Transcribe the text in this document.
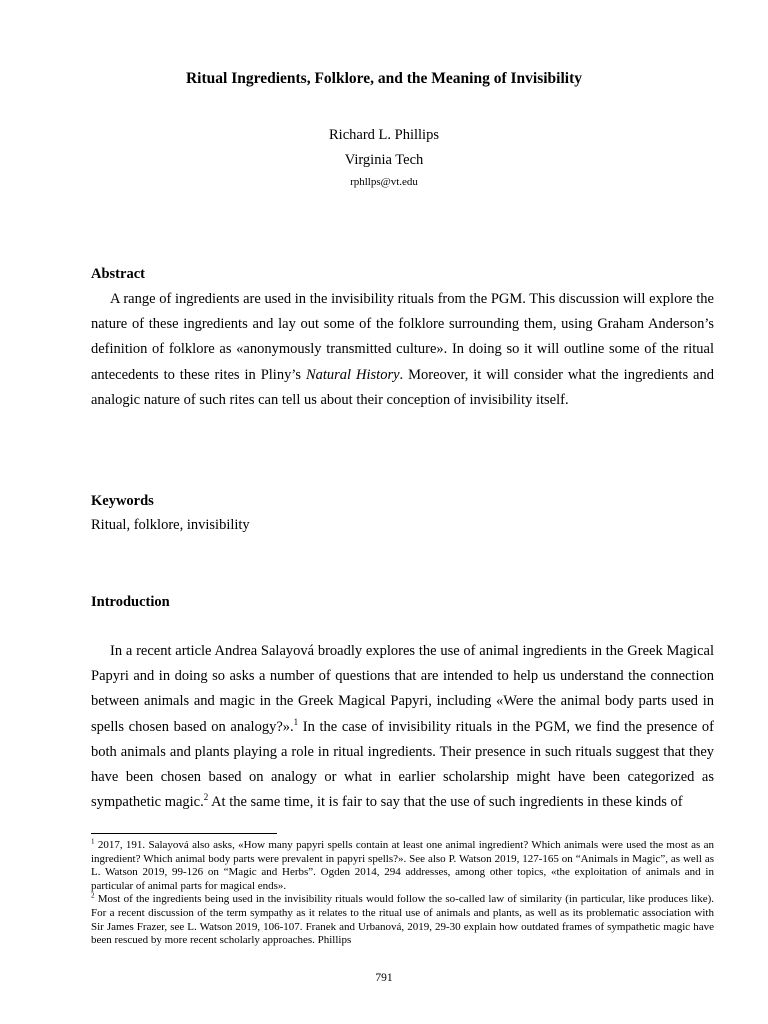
Ritual Ingredients, Folklore, and the Meaning of Invisibility
Richard L. Phillips
Virginia Tech
rphllps@vt.edu
Abstract

A range of ingredients are used in the invisibility rituals from the PGM. This discussion will explore the nature of these ingredients and lay out some of the folklore surrounding them, using Graham Anderson’s definition of folklore as «anonymously transmitted culture». In doing so it will outline some of the ritual antecedents to these rites in Pliny’s Natural History. Moreover, it will consider what the ingredients and analogic nature of such rites can tell us about their conception of invisibility itself.

Keywords
Ritual, folklore, invisibility
Introduction

In a recent article Andrea Salayová broadly explores the use of animal ingredients in the Greek Magical Papyri and in doing so asks a number of questions that are intended to help us understand the connection between animals and magic in the Greek Magical Papyri, including «Were the animal body parts used in spells chosen based on analogy?».$^1$ In the case of invisibility rituals in the PGM, we find the presence of both animals and plants playing a role in ritual ingredients. Their presence in such rituals suggest that they have been chosen based on analogy or what in earlier scholarship might have been categorized as sympathetic magic.$^2$ At the same time, it is fair to say that the use of such ingredients in these kinds of

$^1$ 2017, 191. Salayová also asks, «How many papyri spells contain at least one animal ingredient? Which animals were used the most as an ingredient? Which animal body parts were prevalent in papyri spells?». See also P. Watson 2019, 127-165 on “Animals in Magic”, as well as L. Watson 2019, 99-126 on “Magic and Herbs”. Ogden 2014, 294 addresses, among other topics, «the exploitation of animals and in particular of animal parts for magical ends».

$^2$ Most of the ingredients being used in the invisibility rituals would follow the so-called law of similarity (in particular, like produces like). For a recent discussion of the term sympathy as it relates to the ritual use of animals and plants, as well as its problematic association with Sir James Frazer, see L. Watson 2019, 106-107. Franek and Urbanová, 2019, 29-30 explain how outdated frames of sympathetic magic have been rescued by more recent scholarly approaches. Phillips

791
